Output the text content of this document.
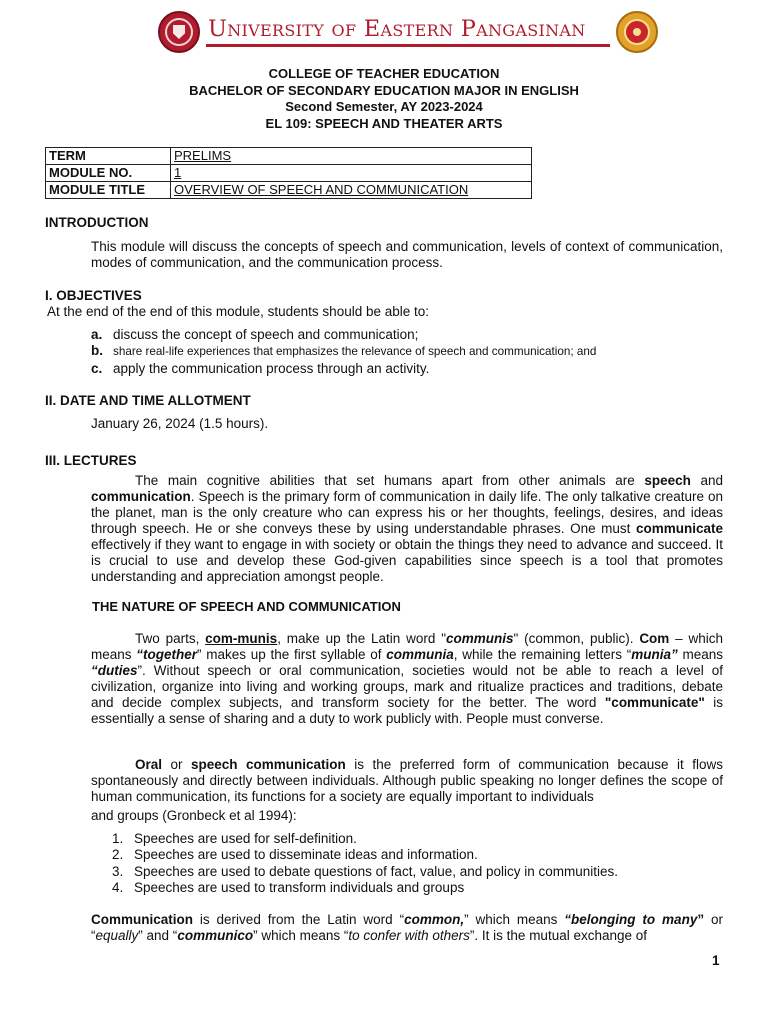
University of Eastern Pangasinan
COLLEGE OF TEACHER EDUCATION
BACHELOR OF SECONDARY EDUCATION MAJOR IN ENGLISH
Second Semester, AY 2023-2024
EL 109: SPEECH AND THEATER ARTS
TERM	PRELIMS
MODULE NO.	1
MODULE TITLE	OVERVIEW OF SPEECH AND COMMUNICATION
INTRODUCTION

This module will discuss the concepts of speech and communication, levels of context of communication, modes of communication, and the communication process.

I. OBJECTIVES
At the end of the end of this module, students should be able to:
a. discuss the concept of speech and communication;
b. share real-life experiences that emphasizes the relevance of speech and communication; and
c. apply the communication process through an activity.
II. DATE AND TIME ALLOTMENT
January 26, 2024 (1.5 hours).
III. LECTURES

The main cognitive abilities that set humans apart from other animals are speech and communication. Speech is the primary form of communication in daily life. The only talkative creature on the planet, man is the only creature who can express his or her thoughts, feelings, desires, and ideas through speech. He or she conveys these by using understandable phrases. One must communicate effectively if they want to engage in with society or obtain the things they need to advance and succeed. It is crucial to use and develop these God-given capabilities since speech is a tool that promotes understanding and appreciation amongst people.

THE NATURE OF SPEECH AND COMMUNICATION

Two parts, com-munis, make up the Latin word "communis" (common, public). Com – which means “together” makes up the first syllable of communia, while the remaining letters “munia” means “duties”. Without speech or oral communication, societies would not be able to reach a level of civilization, organize into living and working groups, mark and ritualize practices and traditions, debate and decide complex subjects, and transform society for the better. The word "communicate" is essentially a sense of sharing and a duty to work publicly with. People must converse.

Oral or speech communication is the preferred form of communication because it flows spontaneously and directly between individuals. Although public speaking no longer defines the scope of human communication, its functions for a society are equally important to individuals

and groups (Gronbeck et al 1994):
1. Speeches are used for self-definition.
2. Speeches are used to disseminate ideas and information.
3. Speeches are used to debate questions of fact, value, and policy in communities.
4. Speeches are used to transform individuals and groups

Communication is derived from the Latin word “common,” which means “belonging to many” or “equally” and “communico” which means “to confer with others”. It is the mutual exchange of

1
